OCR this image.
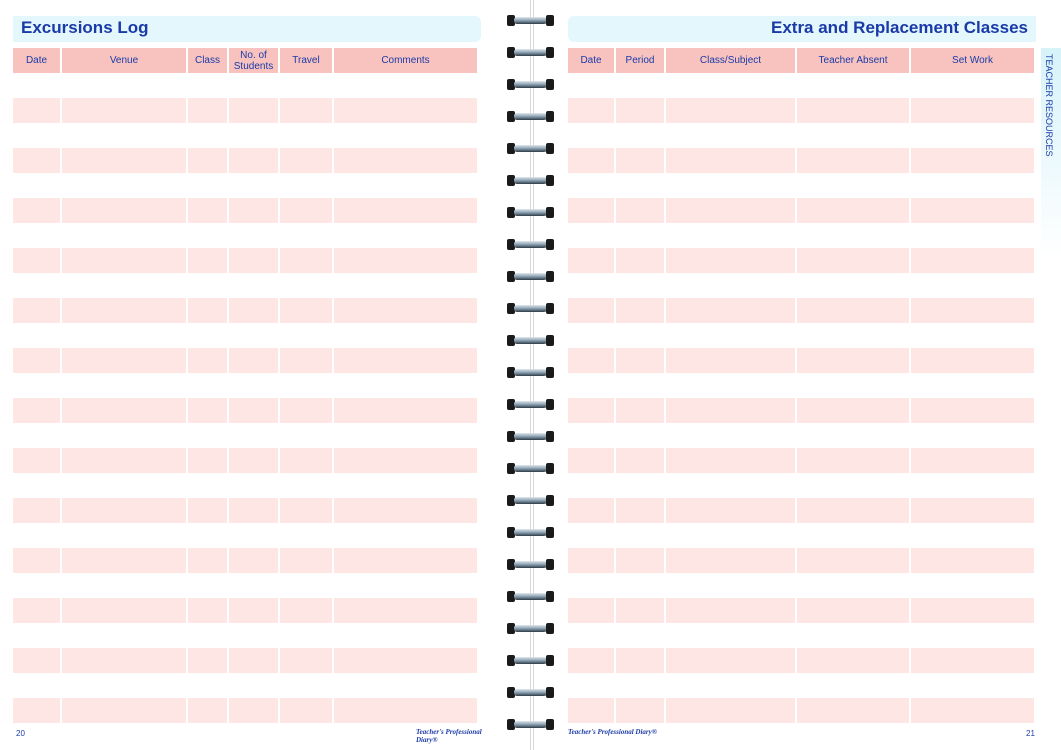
Excursions Log
Date	Venue	Class	No. of Students	Travel	Comments
20	Teacher's Professional Diary®
Extra and Replacement Classes
Date	Period	Class/Subject	Teacher Absent	Set Work
Teacher's Professional Diary®	21
TEACHER RESOURCES
